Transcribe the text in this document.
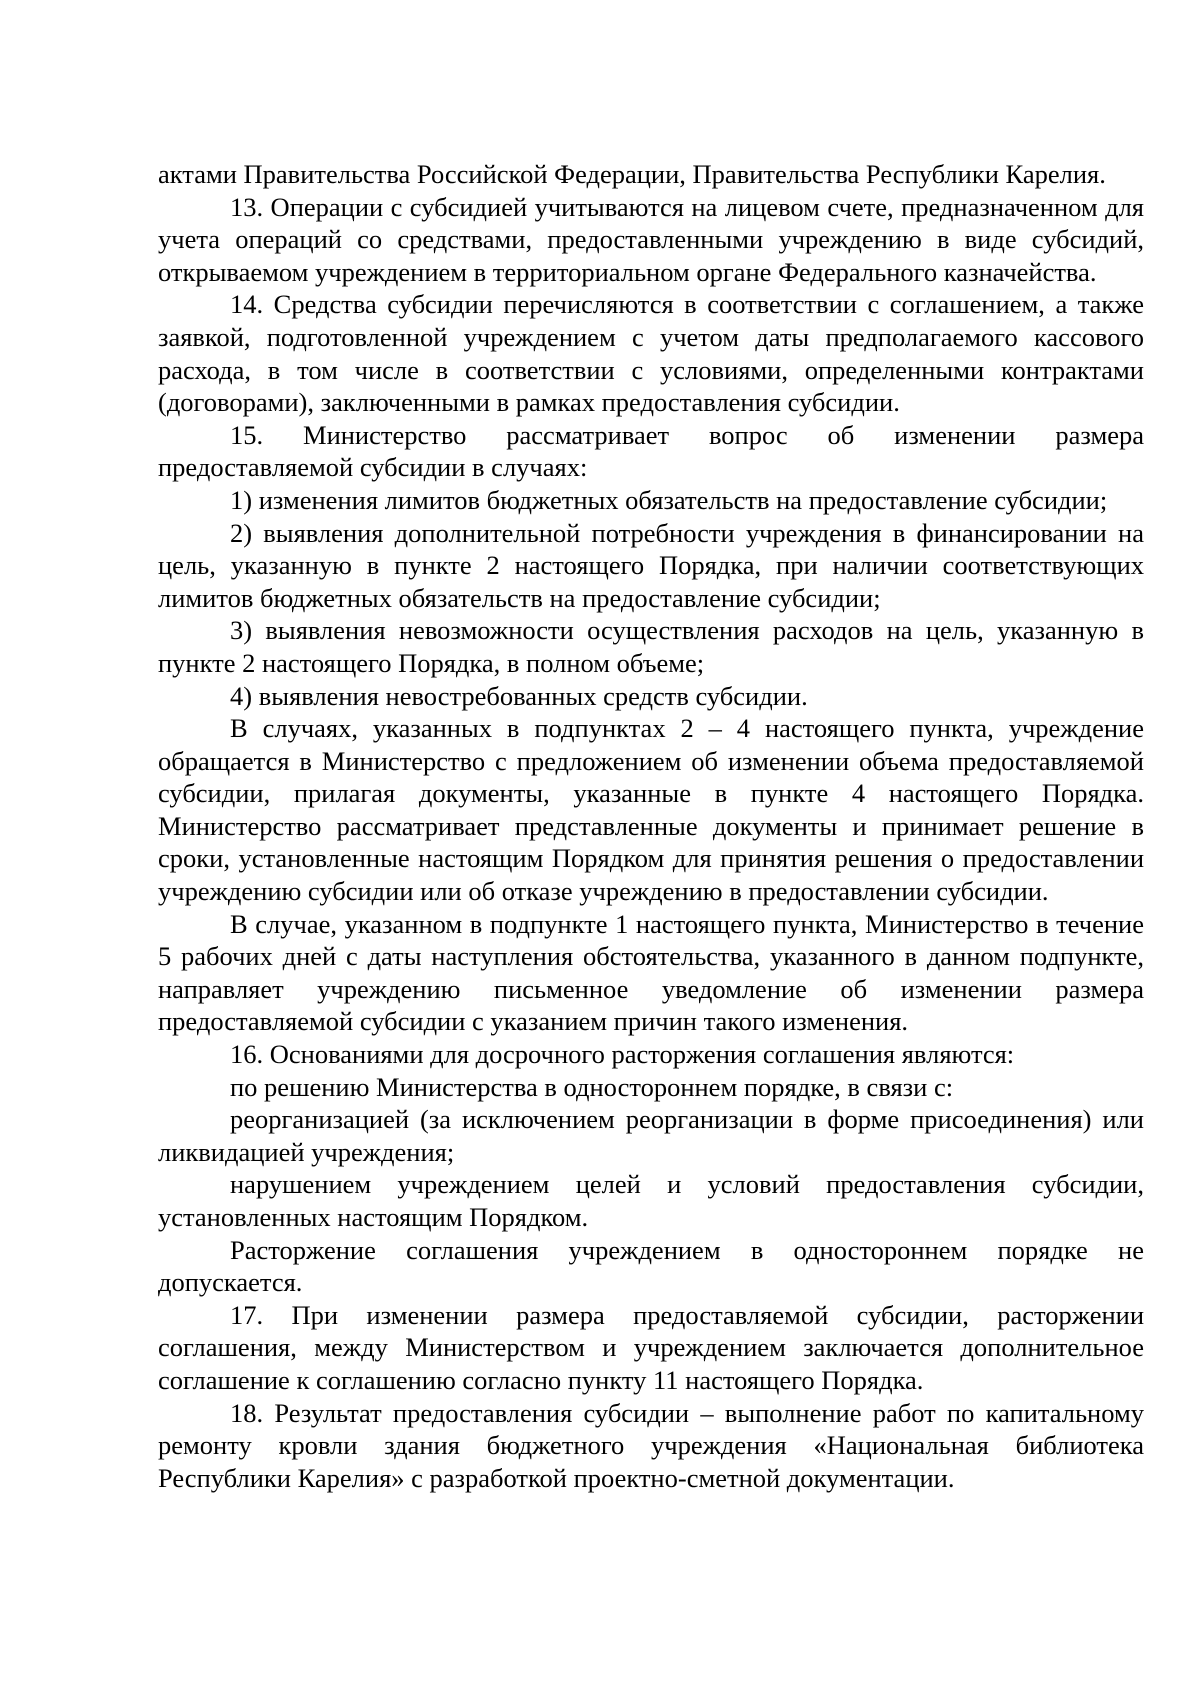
актами Правительства Российской Федерации, Правительства Республики Карелия.

13. Операции с субсидией учитываются на лицевом счете, предназначенном для учета операций со средствами, предоставленными учреждению в виде субсидий, открываемом учреждением в территориальном органе Федерального казначейства.

14. Средства субсидии перечисляются в соответствии с соглашением, а также заявкой, подготовленной учреждением с учетом даты предполагаемого кассового расхода, в том числе в соответствии с условиями, определенными контрактами (договорами), заключенными в рамках предоставления субсидии.

15. Министерство рассматривает вопрос об изменении размера предоставляемой субсидии в случаях:

1) изменения лимитов бюджетных обязательств на предоставление субсидии;

2) выявления дополнительной потребности учреждения в финансировании на цель, указанную в пункте 2 настоящего Порядка, при наличии соответствующих лимитов бюджетных обязательств на предоставление субсидии;

3) выявления невозможности осуществления расходов на цель, указанную в пункте 2 настоящего Порядка, в полном объеме;

4) выявления невостребованных средств субсидии.

В случаях, указанных в подпунктах 2 – 4 настоящего пункта, учреждение обращается в Министерство с предложением об изменении объема предоставляемой субсидии, прилагая документы, указанные в пункте 4 настоящего Порядка. Министерство рассматривает представленные документы и принимает решение в сроки, установленные настоящим Порядком для принятия решения о предоставлении учреждению субсидии или об отказе учреждению в предоставлении субсидии.

В случае, указанном в подпункте 1 настоящего пункта, Министерство в течение 5 рабочих дней с даты наступления обстоятельства, указанного в данном подпункте, направляет учреждению письменное уведомление об изменении размера предоставляемой субсидии с указанием причин такого изменения.

16. Основаниями для досрочного расторжения соглашения являются:

по решению Министерства в одностороннем порядке, в связи с:

реорганизацией (за исключением реорганизации в форме присоединения) или ликвидацией учреждения;

нарушением учреждением целей и условий предоставления субсидии, установленных настоящим Порядком.

Расторжение соглашения учреждением в одностороннем порядке не допускается.

17. При изменении размера предоставляемой субсидии, расторжении соглашения, между Министерством и учреждением заключается дополнительное соглашение к соглашению согласно пункту 11 настоящего Порядка.

18. Результат предоставления субсидии – выполнение работ по капитальному ремонту кровли здания бюджетного учреждения «Национальная библиотека Республики Карелия» с разработкой проектно-сметной документации.
